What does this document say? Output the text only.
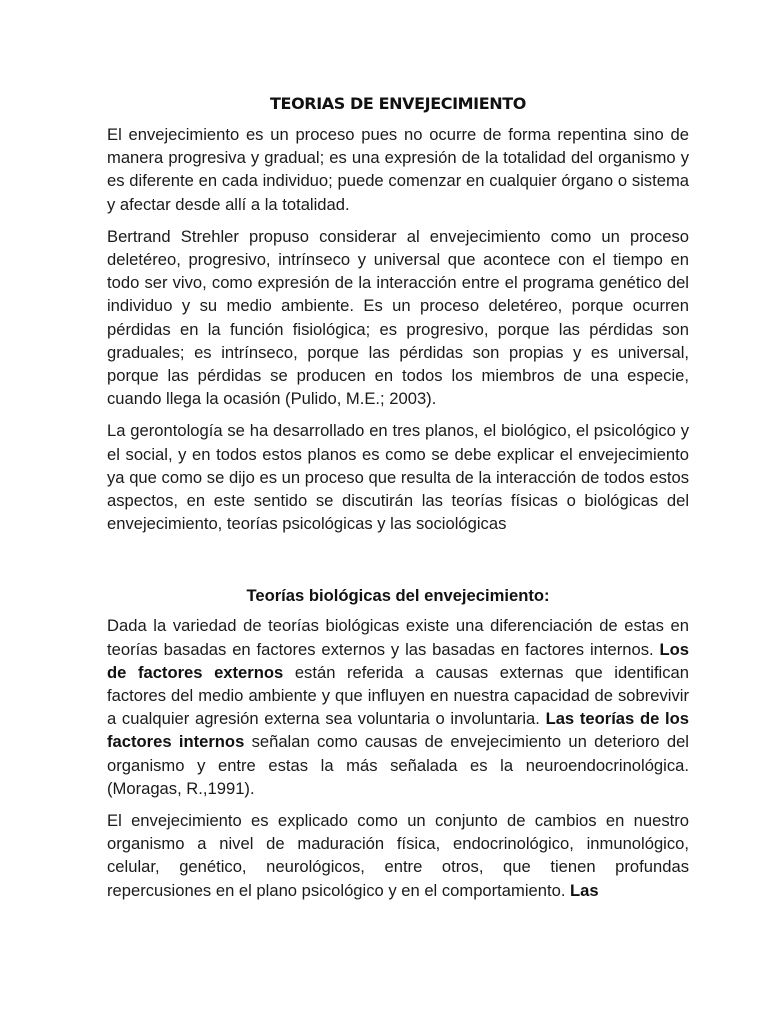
TEORIAS DE ENVEJECIMIENTO

El envejecimiento es un proceso pues no ocurre de forma repentina sino de manera progresiva y gradual; es una expresión de la totalidad del organismo y es diferente en cada individuo; puede comenzar en cualquier órgano o sistema y afectar desde allí a la totalidad.

Bertrand Strehler propuso considerar al envejecimiento como un proceso deletéreo, progresivo, intrínseco y universal que acontece con el tiempo en todo ser vivo, como expresión de la interacción entre el programa genético del individuo y su medio ambiente. Es un proceso deletéreo, porque ocurren pérdidas en la función fisiológica; es progresivo, porque las pérdidas son graduales; es intrínseco, porque las pérdidas son propias y es universal, porque las pérdidas se producen en todos los miembros de una especie, cuando llega la ocasión (Pulido, M.E.; 2003).

La gerontología se ha desarrollado en tres planos, el biológico, el psicológico y el social, y en todos estos planos es como se debe explicar el envejecimiento ya que como se dijo es un proceso que resulta de la interacción de todos estos aspectos, en este sentido se discutirán las teorías físicas o biológicas del envejecimiento, teorías psicológicas y las sociológicas

Teorías biológicas del envejecimiento:

Dada la variedad de teorías biológicas existe una diferenciación de estas en teorías basadas en factores externos y las basadas en factores internos. Los de factores externos están referida a causas externas que identifican factores del medio ambiente y que influyen en nuestra capacidad de sobrevivir a cualquier agresión externa sea voluntaria o involuntaria. Las teorías de los factores internos señalan como causas de envejecimiento un deterioro del organismo y entre estas la más señalada es la neuroendocrinológica. (Moragas, R.,1991).

El envejecimiento es explicado como un conjunto de cambios en nuestro organismo a nivel de maduración física, endocrinológico, inmunológico, celular, genético, neurológicos, entre otros, que tienen profundas repercusiones en el plano psicológico y en el comportamiento. Las
